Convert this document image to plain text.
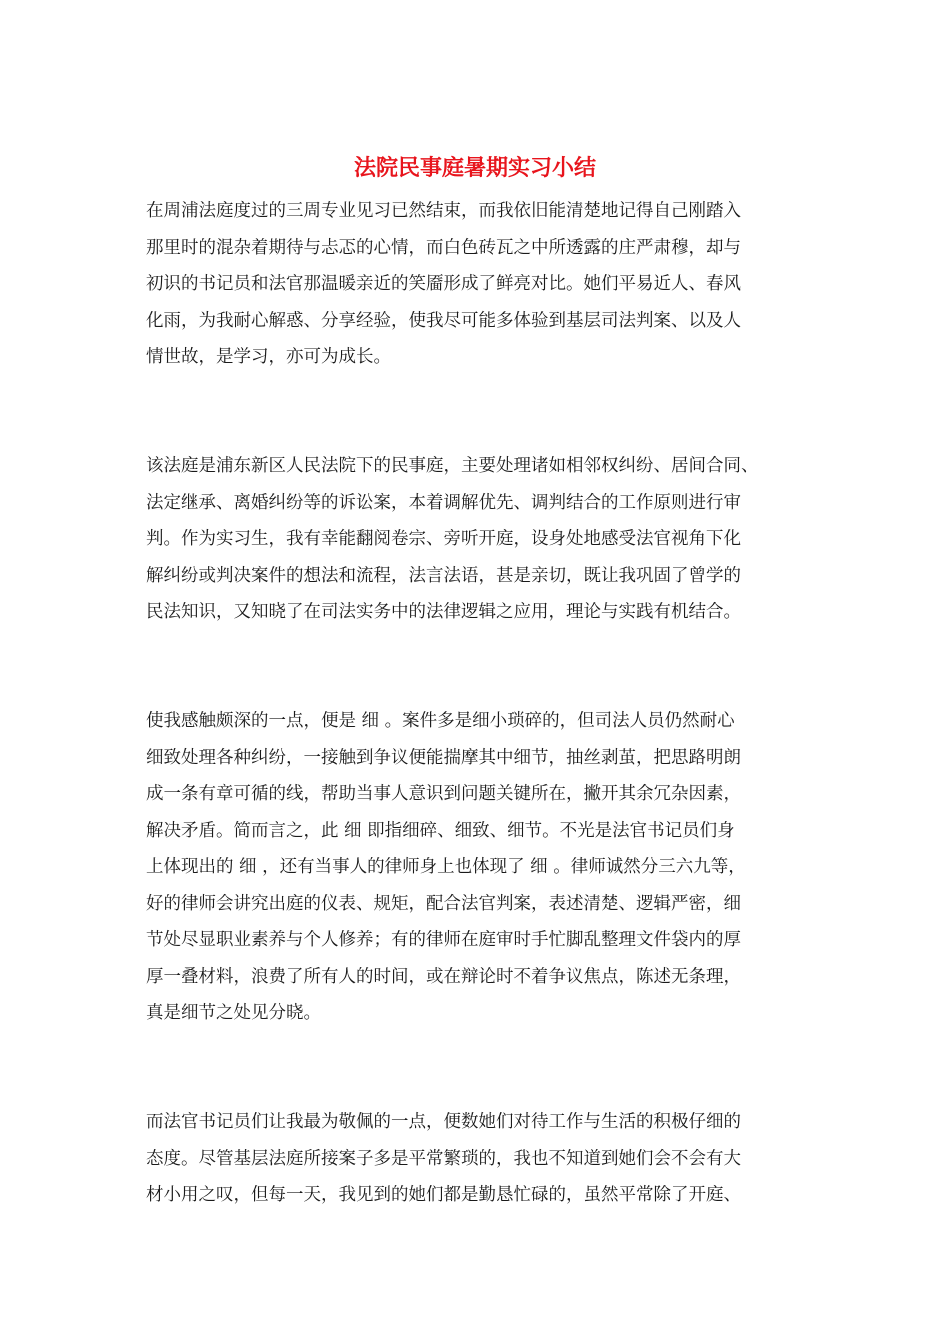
法院民事庭暑期实习小结
在周浦法庭度过的三周专业见习已然结束，而我依旧能清楚地记得自己刚踏入
那里时的混杂着期待与忐忑的心情，而白色砖瓦之中所透露的庄严肃穆，却与
初识的书记员和法官那温暖亲近的笑靥形成了鲜亮对比。她们平易近人、春风
化雨，为我耐心解惑、分享经验，使我尽可能多体验到基层司法判案、以及人
情世故，是学习，亦可为成长。
该法庭是浦东新区人民法院下的民事庭，主要处理诸如相邻权纠纷、居间合同、
法定继承、离婚纠纷等的诉讼案，本着调解优先、调判结合的工作原则进行审
判。作为实习生，我有幸能翻阅卷宗、旁听开庭，设身处地感受法官视角下化
解纠纷或判决案件的想法和流程，法言法语，甚是亲切，既让我巩固了曾学的
民法知识，又知晓了在司法实务中的法律逻辑之应用，理论与实践有机结合。
使我感触颇深的一点，便是 细 。案件多是细小琐碎的，但司法人员仍然耐心
细致处理各种纠纷，一接触到争议便能揣摩其中细节，抽丝剥茧，把思路明朗
成一条有章可循的线，帮助当事人意识到问题关键所在，撇开其余冗杂因素，
解决矛盾。简而言之，此 细 即指细碎、细致、细节。不光是法官书记员们身
上体现出的 细 ，还有当事人的律师身上也体现了 细 。律师诚然分三六九等，
好的律师会讲究出庭的仪表、规矩，配合法官判案，表述清楚、逻辑严密，细
节处尽显职业素养与个人修养；有的律师在庭审时手忙脚乱整理文件袋内的厚
厚一叠材料，浪费了所有人的时间，或在辩论时不着争议焦点，陈述无条理，
真是细节之处见分晓。
而法官书记员们让我最为敬佩的一点，便数她们对待工作与生活的积极仔细的
态度。尽管基层法庭所接案子多是平常繁琐的，我也不知道到她们会不会有大
材小用之叹，但每一天，我见到的她们都是勤恳忙碌的，虽然平常除了开庭、
